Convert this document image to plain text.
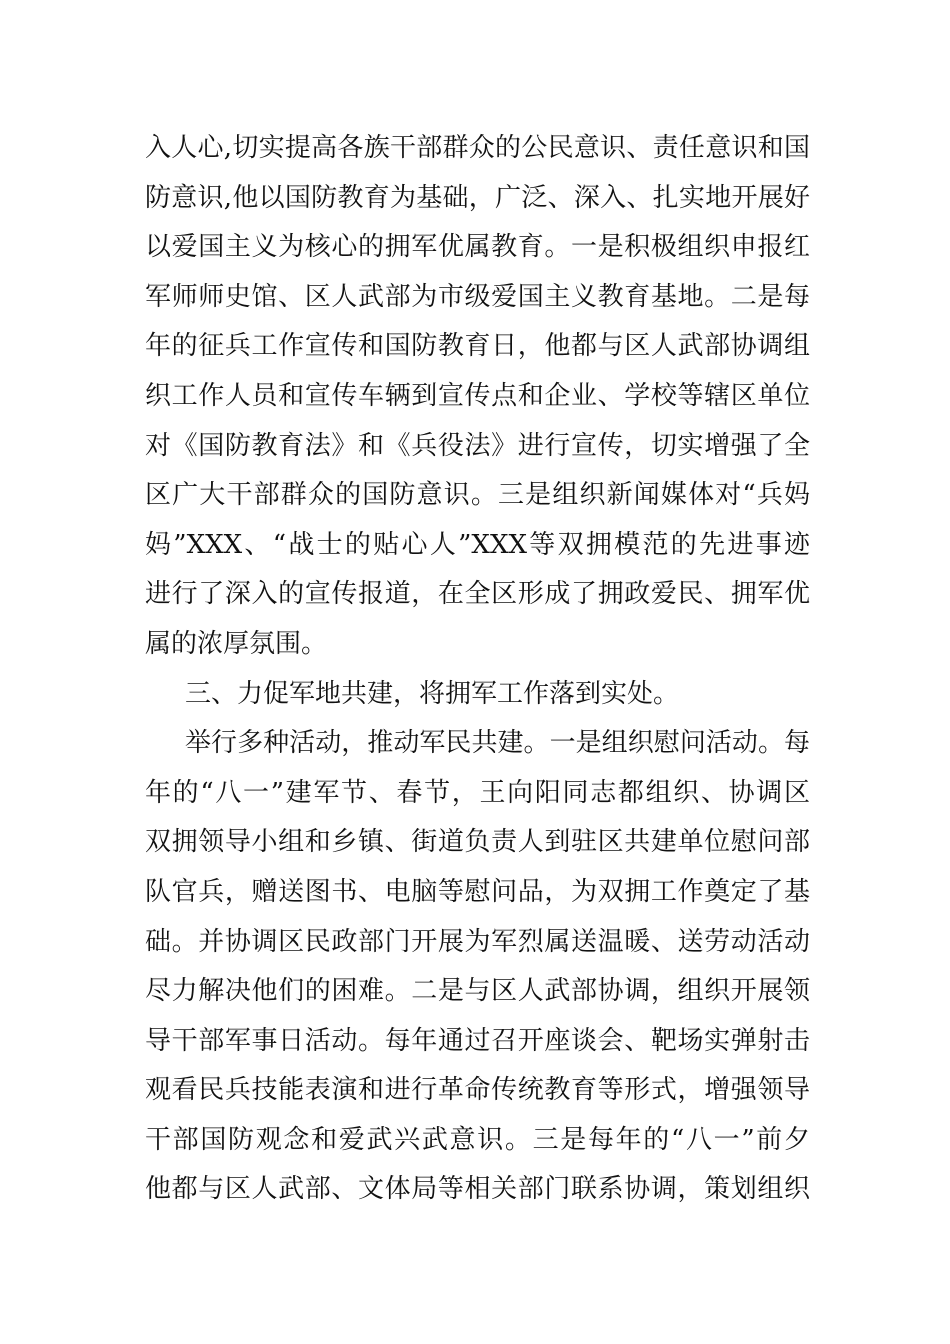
入人心,切实提高各族干部群众的公民意识、责任意识和国
防意识,他以国防教育为基础，广泛、深入、扎实地开展好
以爱国主义为核心的拥军优属教育。一是积极组织申报红
军师师史馆、区人武部为市级爱国主义教育基地。二是每
年的征兵工作宣传和国防教育日，他都与区人武部协调组
织工作人员和宣传车辆到宣传点和企业、学校等辖区单位
对《国防教育法》和《兵役法》进行宣传，切实增强了全
区广大干部群众的国防意识。三是组织新闻媒体对“兵妈
妈”XXX、“战士的贴心人”XXX等双拥模范的先进事迹
进行了深入的宣传报道，在全区形成了拥政爱民、拥军优
属的浓厚氛围。
三、力促军地共建，将拥军工作落到实处。
举行多种活动，推动军民共建。一是组织慰问活动。每
年的“八一”建军节、春节，王向阳同志都组织、协调区
双拥领导小组和乡镇、街道负责人到驻区共建单位慰问部
队官兵，赠送图书、电脑等慰问品，为双拥工作奠定了基
础。并协调区民政部门开展为军烈属送温暖、送劳动活动
尽力解决他们的困难。二是与区人武部协调，组织开展领
导干部军事日活动。每年通过召开座谈会、靶场实弹射击
观看民兵技能表演和进行革命传统教育等形式，增强领导
干部国防观念和爱武兴武意识。三是每年的“八一”前夕
他都与区人武部、文体局等相关部门联系协调，策划组织
